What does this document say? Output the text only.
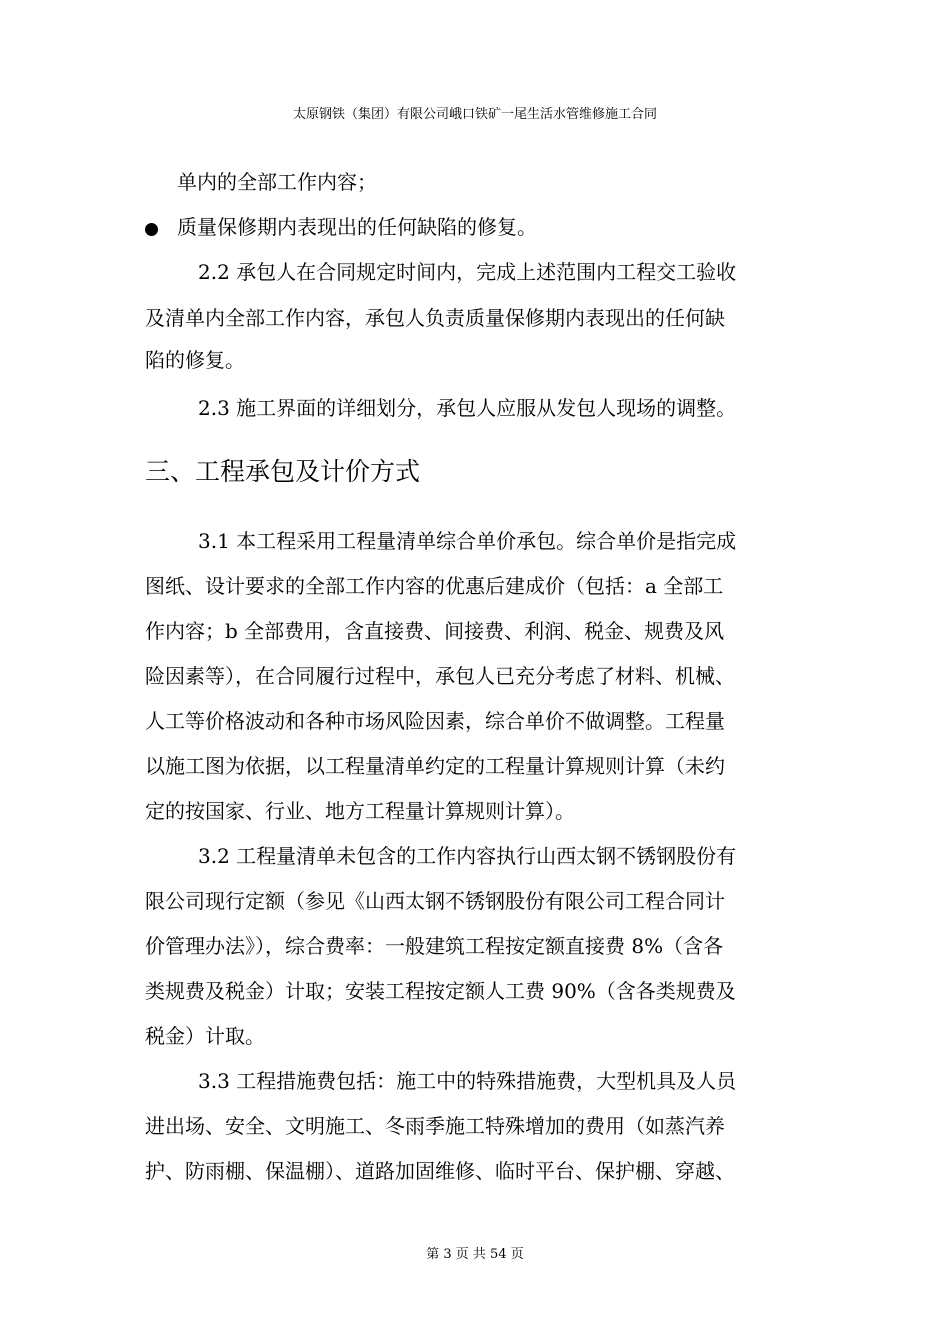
太原钢铁（集团）有限公司峨口铁矿一尾生活水管维修施工合同
单内的全部工作内容；
质量保修期内表现出的任何缺陷的修复。
2.2 承包人在合同规定时间内，完成上述范围内工程交工验收
及清单内全部工作内容，承包人负责质量保修期内表现出的任何缺
陷的修复。
2.3 施工界面的详细划分，承包人应服从发包人现场的调整。
三、工程承包及计价方式
3.1 本工程采用工程量清单综合单价承包。综合单价是指完成
图纸、设计要求的全部工作内容的优惠后建成价（包括：a 全部工
作内容；b 全部费用，含直接费、间接费、利润、税金、规费及风
险因素等），在合同履行过程中，承包人已充分考虑了材料、机械、
人工等价格波动和各种市场风险因素，综合单价不做调整。工程量
以施工图为依据，以工程量清单约定的工程量计算规则计算（未约
定的按国家、行业、地方工程量计算规则计算）。
3.2 工程量清单未包含的工作内容执行山西太钢不锈钢股份有
限公司现行定额（参见《山西太钢不锈钢股份有限公司工程合同计
价管理办法》），综合费率：一般建筑工程按定额直接费 8%（含各
类规费及税金）计取；安装工程按定额人工费 90%（含各类规费及
税金）计取。
3.3 工程措施费包括：施工中的特殊措施费，大型机具及人员
进出场、安全、文明施工、冬雨季施工特殊增加的费用（如蒸汽养
护、防雨棚、保温棚）、道路加固维修、临时平台、保护棚、穿越、
第 3 页 共 54 页
